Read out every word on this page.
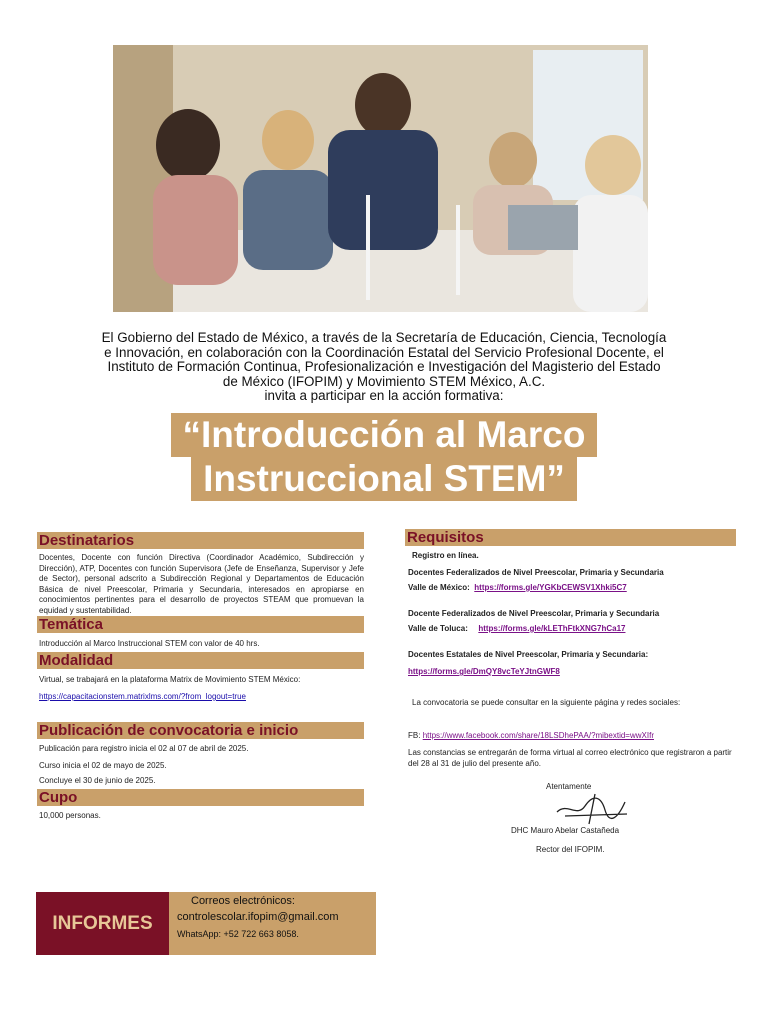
El Gobierno del Estado de México, a través de la Secretaría de Educación, Ciencia, Tecnología

e Innovación, en colaboración con la Coordinación Estatal del Servicio Profesional Docente, el

Instituto de Formación Continua, Profesionalización e Investigación del Magisterio del Estado

de México (IFOPIM) y Movimiento STEM México, A.C.

invita a participar en la acción formativa:

“Introducción al Marco
Instruccional STEM”
Destinatarios
Docentes, Docente con función Directiva (Coordinador Académico, Subdirección y Dirección), ATP, Docentes con función Supervisora (Jefe de Enseñanza, Supervisor y Jefe de Sector), personal adscrito a Subdirección Regional y Departamentos de Educación Básica de nivel Preescolar, Primaria y Secundaria, interesados en apropiarse en conocimientos pertinentes para el desarrollo de proyectos STEAM que promuevan la equidad y sustentabilidad.
Temática
Introducción al Marco Instruccional STEM con valor de 40 hrs.
Modalidad
Virtual, se trabajará en la plataforma Matrix de Movimiento STEM México:
https://capacitacionstem.matrixlms.com/?from_logout=true
Publicación de convocatoria e inicio
Publicación para registro inicia el 02 al 07 de abril de 2025.
Curso inicia el 02 de mayo de 2025.
Concluye el 30 de junio de 2025.
Cupo
10,000 personas.
Requisitos
Registro en línea.
Docentes Federalizados de Nivel Preescolar, Primaria y Secundaria
Valle de México: https://forms.gle/YGKbCEWSV1Xhki5C7
Docente Federalizados de Nivel Preescolar, Primaria y Secundaria
Valle de Toluca: https://forms.gle/kLEThFtkXNG7hCa17
Docentes Estatales de Nivel Preescolar, Primaria y Secundaria:
https://forms.gle/DmQY8vcTeYJtnGWF8
La convocatoria se puede consultar en la siguiente página y redes sociales:
FB: https://www.facebook.com/share/18LSDhePAA/?mibextid=wwXIfr
Las constancias se entregarán de forma virtual al correo electrónico que registraron a partir del 28 al 31 de julio del presente año.
Atentamente
DHC Mauro Abelar Castañeda
Rector del IFOPIM.
INFORMES
Correos electrónicos:
controlescolar.ifopim@gmail.com
WhatsApp: +52 722 663 8058.
